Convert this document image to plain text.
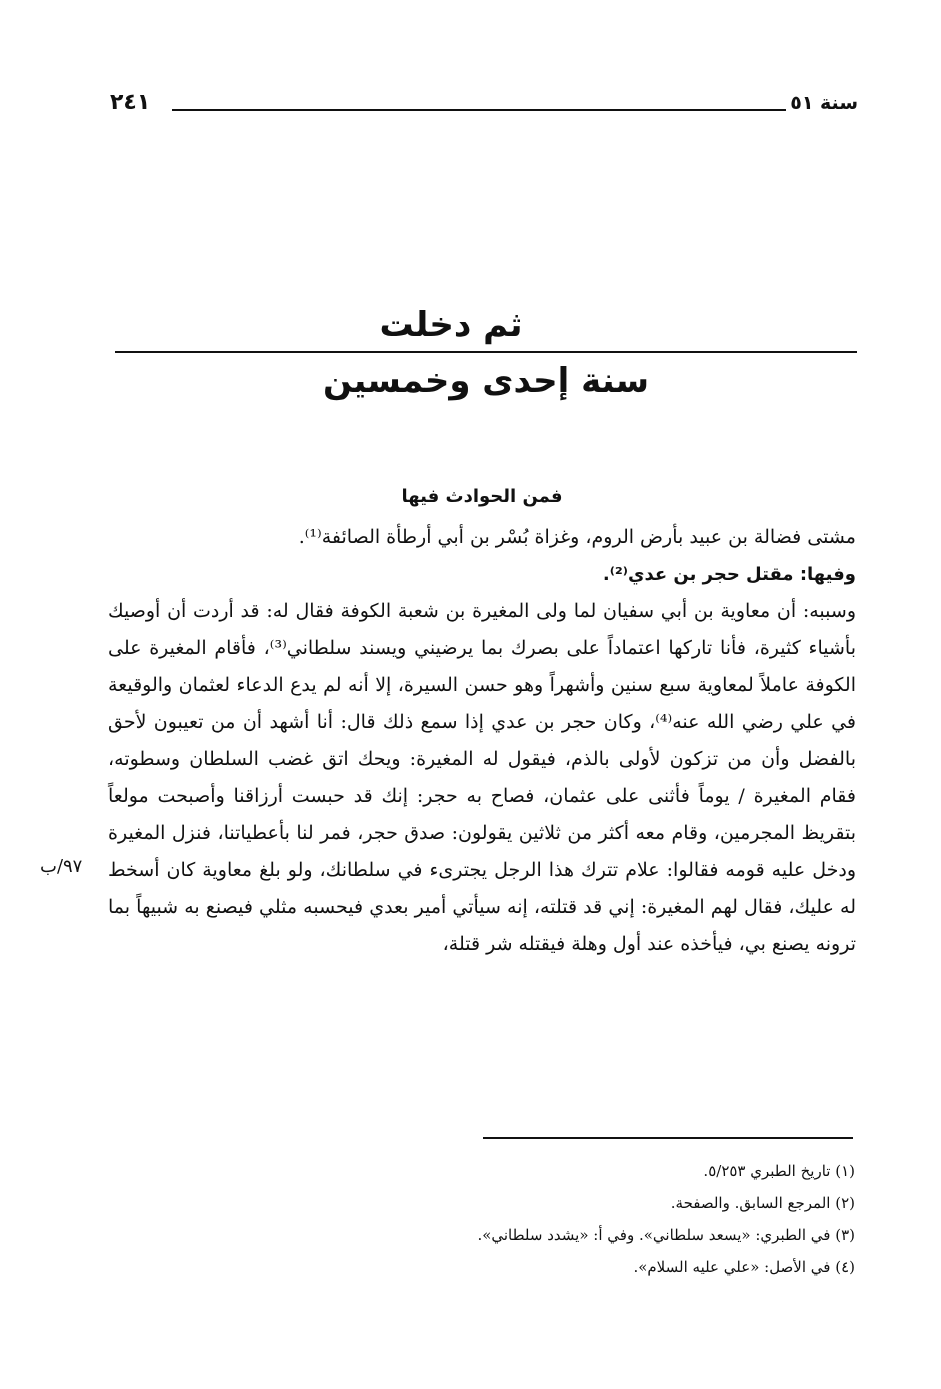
سنة ٥١
٢٤١
ثم دخلت
سنة إحدى وخمسين
فمن الحوادث فيها

مشتى فضالة بن عبيد بأرض الروم، وغزاة بُسْر بن أبي أرطأة الصائفة⁽¹⁾.

وفيها: مقتل حجر بن عدي⁽²⁾.

وسببه: أن معاوية بن أبي سفيان لما ولى المغيرة بن شعبة الكوفة فقال له: قد أردت أن أوصيك بأشياء كثيرة، فأنا تاركها اعتماداً على بصرك بما يرضيني ويسند سلطاني⁽³⁾، فأقام المغيرة على الكوفة عاملاً لمعاوية سبع سنين وأشهراً وهو حسن السيرة، إلا أنه لم يدع الدعاء لعثمان والوقيعة في علي رضي الله عنه⁽⁴⁾، وكان حجر بن عدي إذا سمع ذلك قال: أنا أشهد أن من تعيبون لأحق بالفضل وأن من تزكون لأولى بالذم، فيقول له المغيرة: ويحك اتق غضب السلطان وسطوته، فقام المغيرة / يوماً فأثنى على عثمان، فصاح به حجر: إنك قد حبست أرزاقنا وأصبحت مولعاً بتقريظ المجرمين، وقام معه أكثر من ثلاثين يقولون: صدق حجر، فمر لنا بأعطياتنا، فنزل المغيرة ودخل عليه قومه فقالوا: علام تترك هذا الرجل يجترىء في سلطانك، ولو بلغ معاوية كان أسخط له عليك، فقال لهم المغيرة: إني قد قتلته، إنه سيأتي أمير بعدي فيحسبه مثلي فيصنع به شبيهاً بما ترونه يصنع بي، فيأخذه عند أول وهلة فيقتله شر قتلة،

٩٧/ب

(١) تاريخ الطبري ٥/٢٥٣.

(٢) المرجع السابق. والصفحة.

(٣) في الطبري: «يسعد سلطاني». وفي أ: «يشدد سلطاني».

(٤) في الأصل: «علي عليه السلام».
